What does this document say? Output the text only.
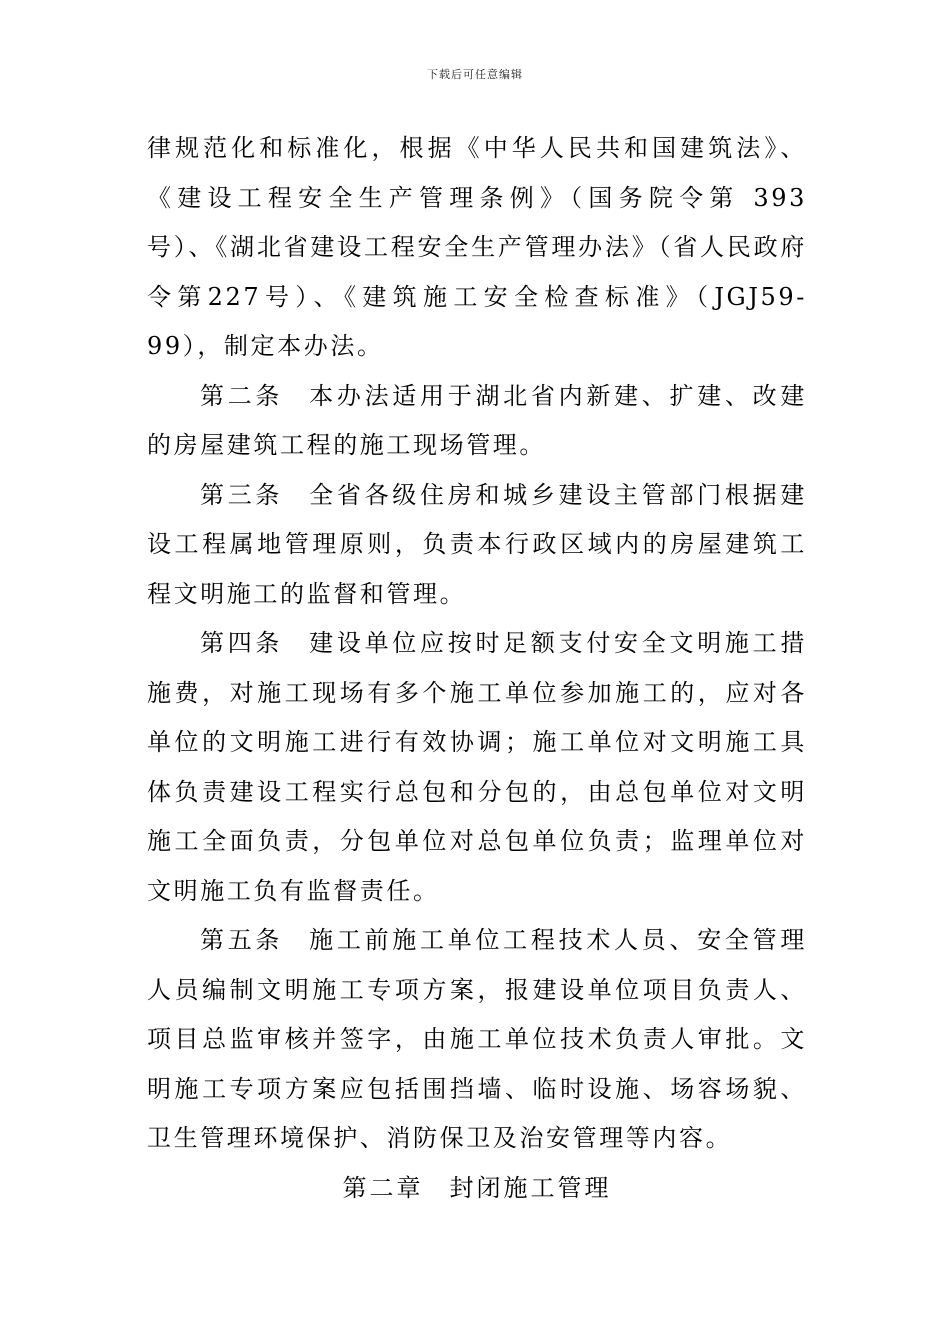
下载后可任意编辑

律规范化和标准化，根据《中华人民共和国建筑法》、《建设工程安全生产管理条例》（国务院令第 393 号）、《湖北省建设工程安全生产管理办法》（省人民政府令第227号）、《建筑施工安全检查标准》（JGJ59-99），制定本办法。

第二条 本办法适用于湖北省内新建、扩建、改建的房屋建筑工程的施工现场管理。

第三条 全省各级住房和城乡建设主管部门根据建设工程属地管理原则，负责本行政区域内的房屋建筑工程文明施工的监督和管理。

第四条 建设单位应按时足额支付安全文明施工措施费，对施工现场有多个施工单位参加施工的，应对各单位的文明施工进行有效协调；施工单位对文明施工具体负责建设工程实行总包和分包的，由总包单位对文明施工全面负责，分包单位对总包单位负责；监理单位对文明施工负有监督责任。

第五条 施工前施工单位工程技术人员、安全管理人员编制文明施工专项方案，报建设单位项目负责人、项目总监审核并签字，由施工单位技术负责人审批。文明施工专项方案应包括围挡墙、临时设施、场容场貌、卫生管理环境保护、消防保卫及治安管理等内容。

第二章 封闭施工管理
